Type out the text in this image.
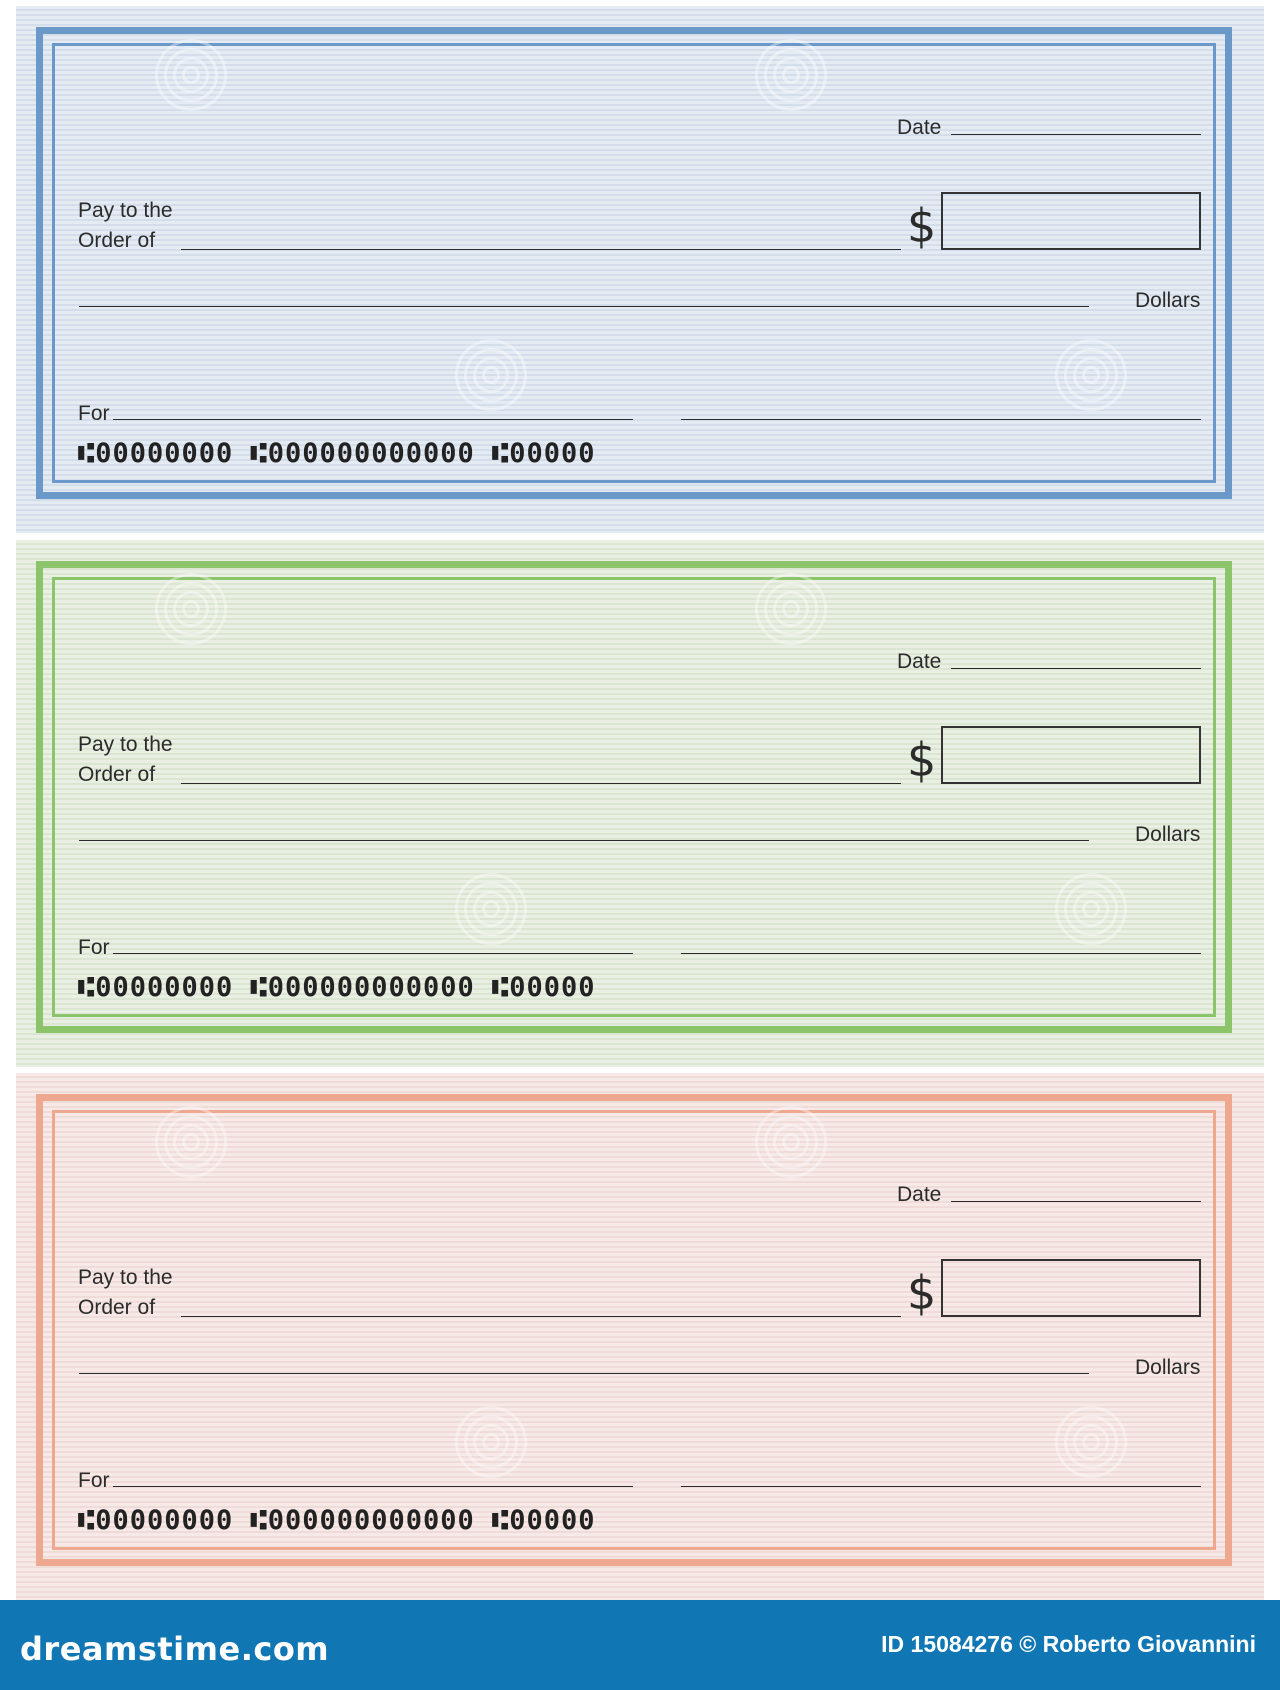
Date
Pay to the
Order of	$
Dollars
For
⑆00000000 ⑆000000000000 ⑆00000
Date
Pay to the
Order of	$
Dollars
For
⑆00000000 ⑆000000000000 ⑆00000
Date
Pay to the
Order of	$
Dollars
For
⑆00000000 ⑆000000000000 ⑆00000
dreamstime.com	ID 15084276 © Roberto Giovannini
